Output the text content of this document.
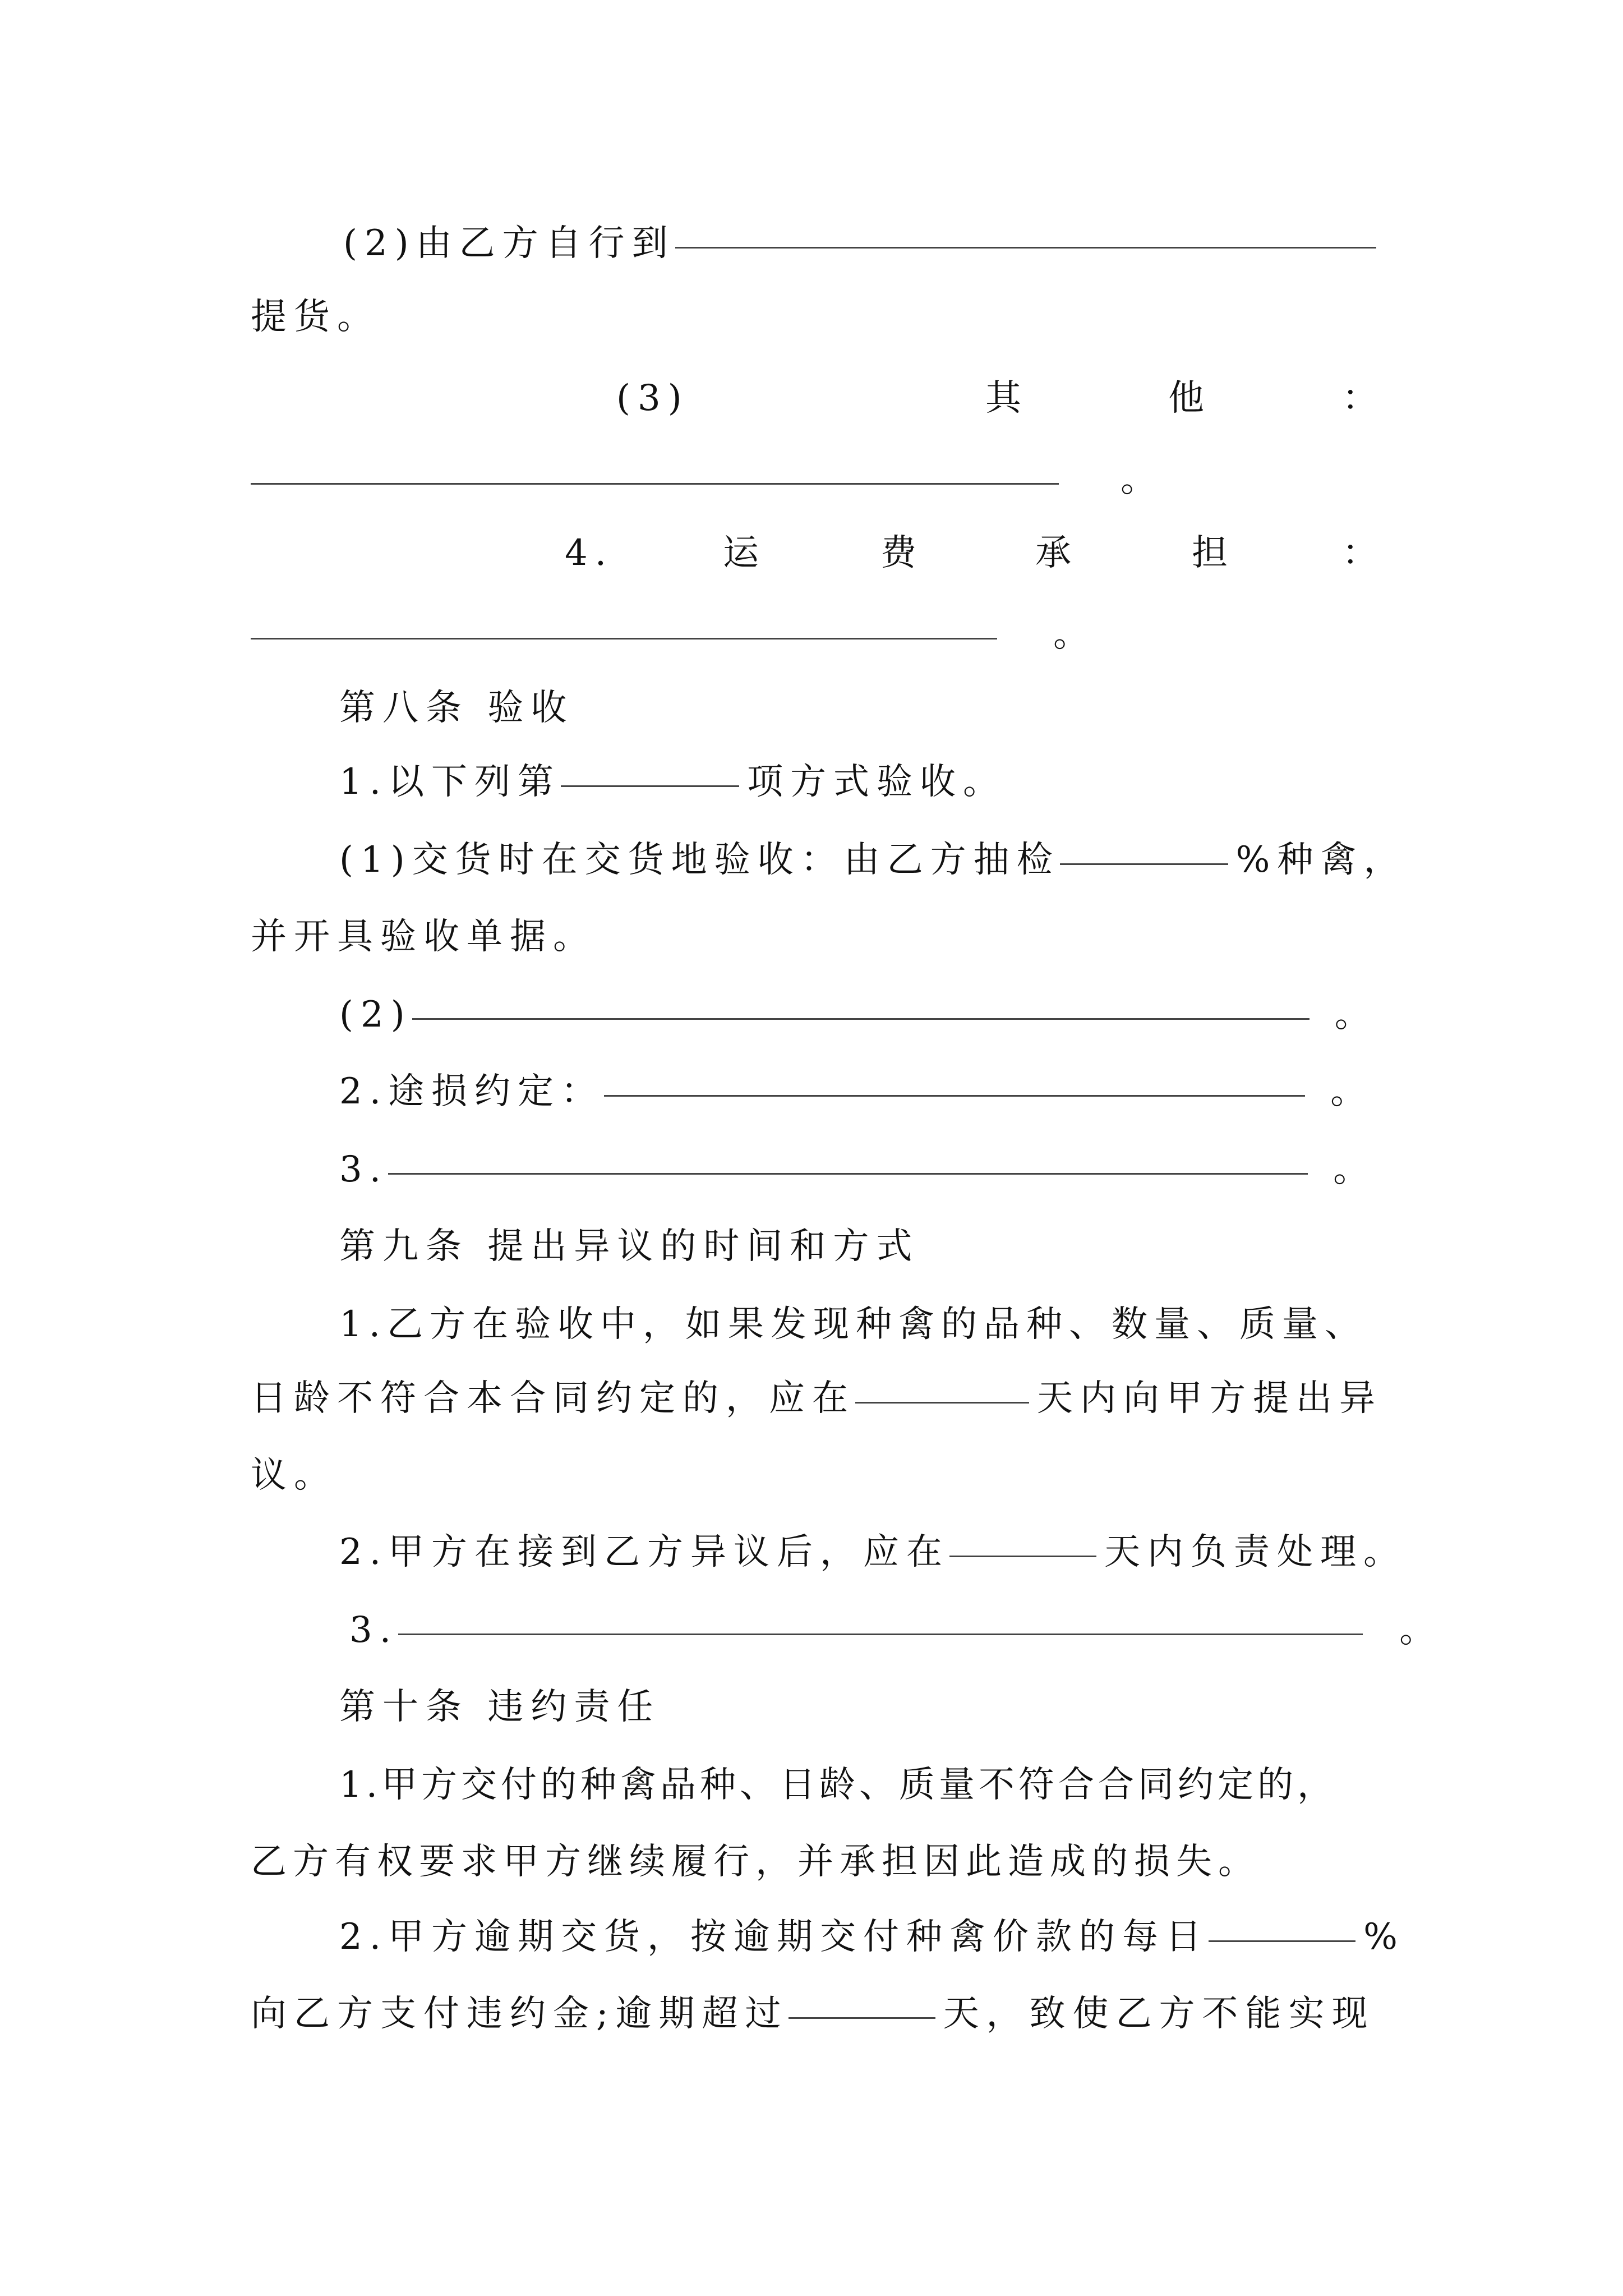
(2)由乙方自行到
提货。
(3)	其	他	：
。
4.	运	费	承	担	：
。
第八条 验收
1.以下列第	项方式验收。
(1)交货时在交货地验收：由乙方抽检	%种禽，
并开具验收单据。
(2)	。
2.途损约定：	。
3.	。
第九条 提出异议的时间和方式
1.乙方在验收中，如果发现种禽的品种、数量、质量、
日龄不符合本合同约定的，应在	天内向甲方提出异
议。
2.甲方在接到乙方异议后，应在	天内负责处理。
3.	。
第十条 违约责任
1.甲方交付的种禽品种、日龄、质量不符合合同约定的，
乙方有权要求甲方继续履行，并承担因此造成的损失。
2.甲方逾期交货，按逾期交付种禽价款的每日	%
向乙方支付违约金;逾期超过	天，致使乙方不能实现
